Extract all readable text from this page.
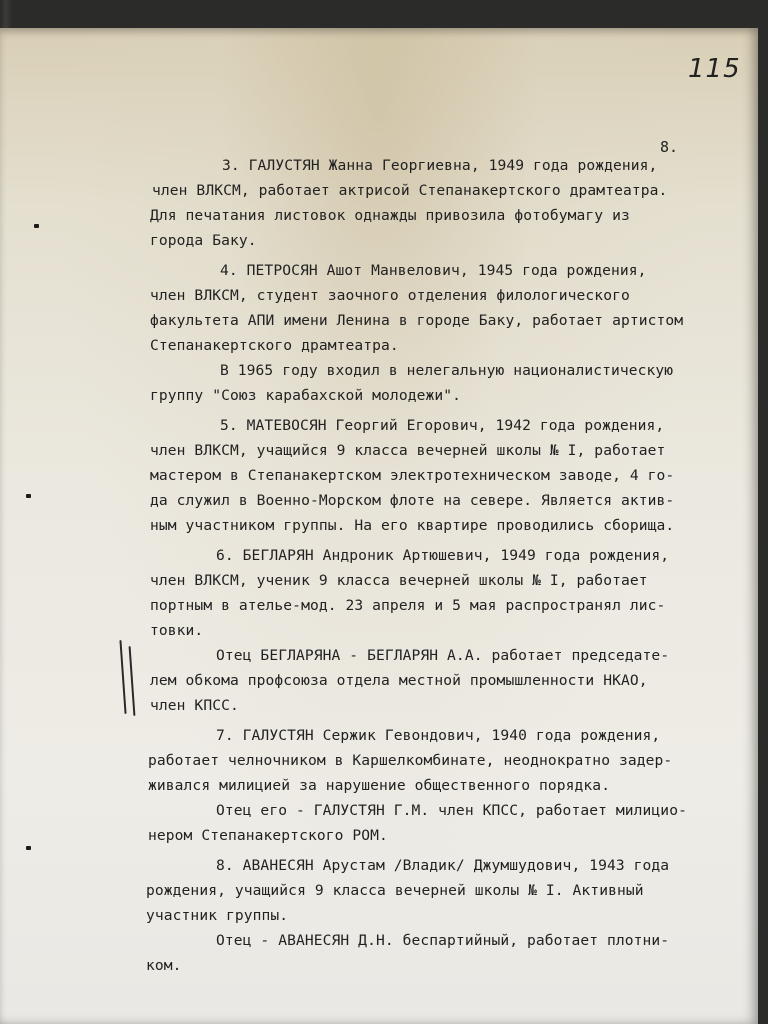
115
8.
3. ГАЛУСТЯН Жанна Георгиевна, 1949 года рождения,
член ВЛКСМ, работает актрисой Степанакертского драмтеатра.
Для печатания листовок однажды привозила фотобумагу из
города Баку.
4. ПЕТРОСЯН Ашот Манвелович, 1945 года рождения,
член ВЛКСМ, студент заочного отделения филологического
факультета АПИ имени Ленина в городе Баку, работает артистом
Степанакертского драмтеатра.
В 1965 году входил в нелегальную националистическую
группу "Союз карабахской молодежи".
5. МАТЕВОСЯН Георгий Егорович, 1942 года рождения,
член ВЛКСМ, учащийся 9 класса вечерней школы № I, работает
мастером в Степанакертском электротехническом заводе, 4 го-
да служил в Военно-Морском флоте на севере. Является актив-
ным участником группы. На его квартире проводились сборища.
6. БЕГЛАРЯН Андроник Артюшевич, 1949 года рождения,
член ВЛКСМ, ученик 9 класса вечерней школы № I, работает
портным в ателье-мод. 23 апреля и 5 мая распространял лис-
товки.
Отец БЕГЛАРЯНА - БЕГЛАРЯН А.А. работает председате-
лем обкома профсоюза отдела местной промышленности НКАО,
член КПСС.
7. ГАЛУСТЯН Сержик Гевондович, 1940 года рождения,
работает челночником в Каршелкомбинате, неоднократно задер-
живался милицией за нарушение общественного порядка.
Отец его - ГАЛУСТЯН Г.М. член КПСС, работает милицио-
нером Степанакертского РОМ.
8. АВАНЕСЯН Арустам /Владик/ Джумшудович, 1943 года
рождения, учащийся 9 класса вечерней школы № I. Активный
участник группы.
Отец - АВАНЕСЯН Д.Н. беспартийный, работает плотни-
ком.
